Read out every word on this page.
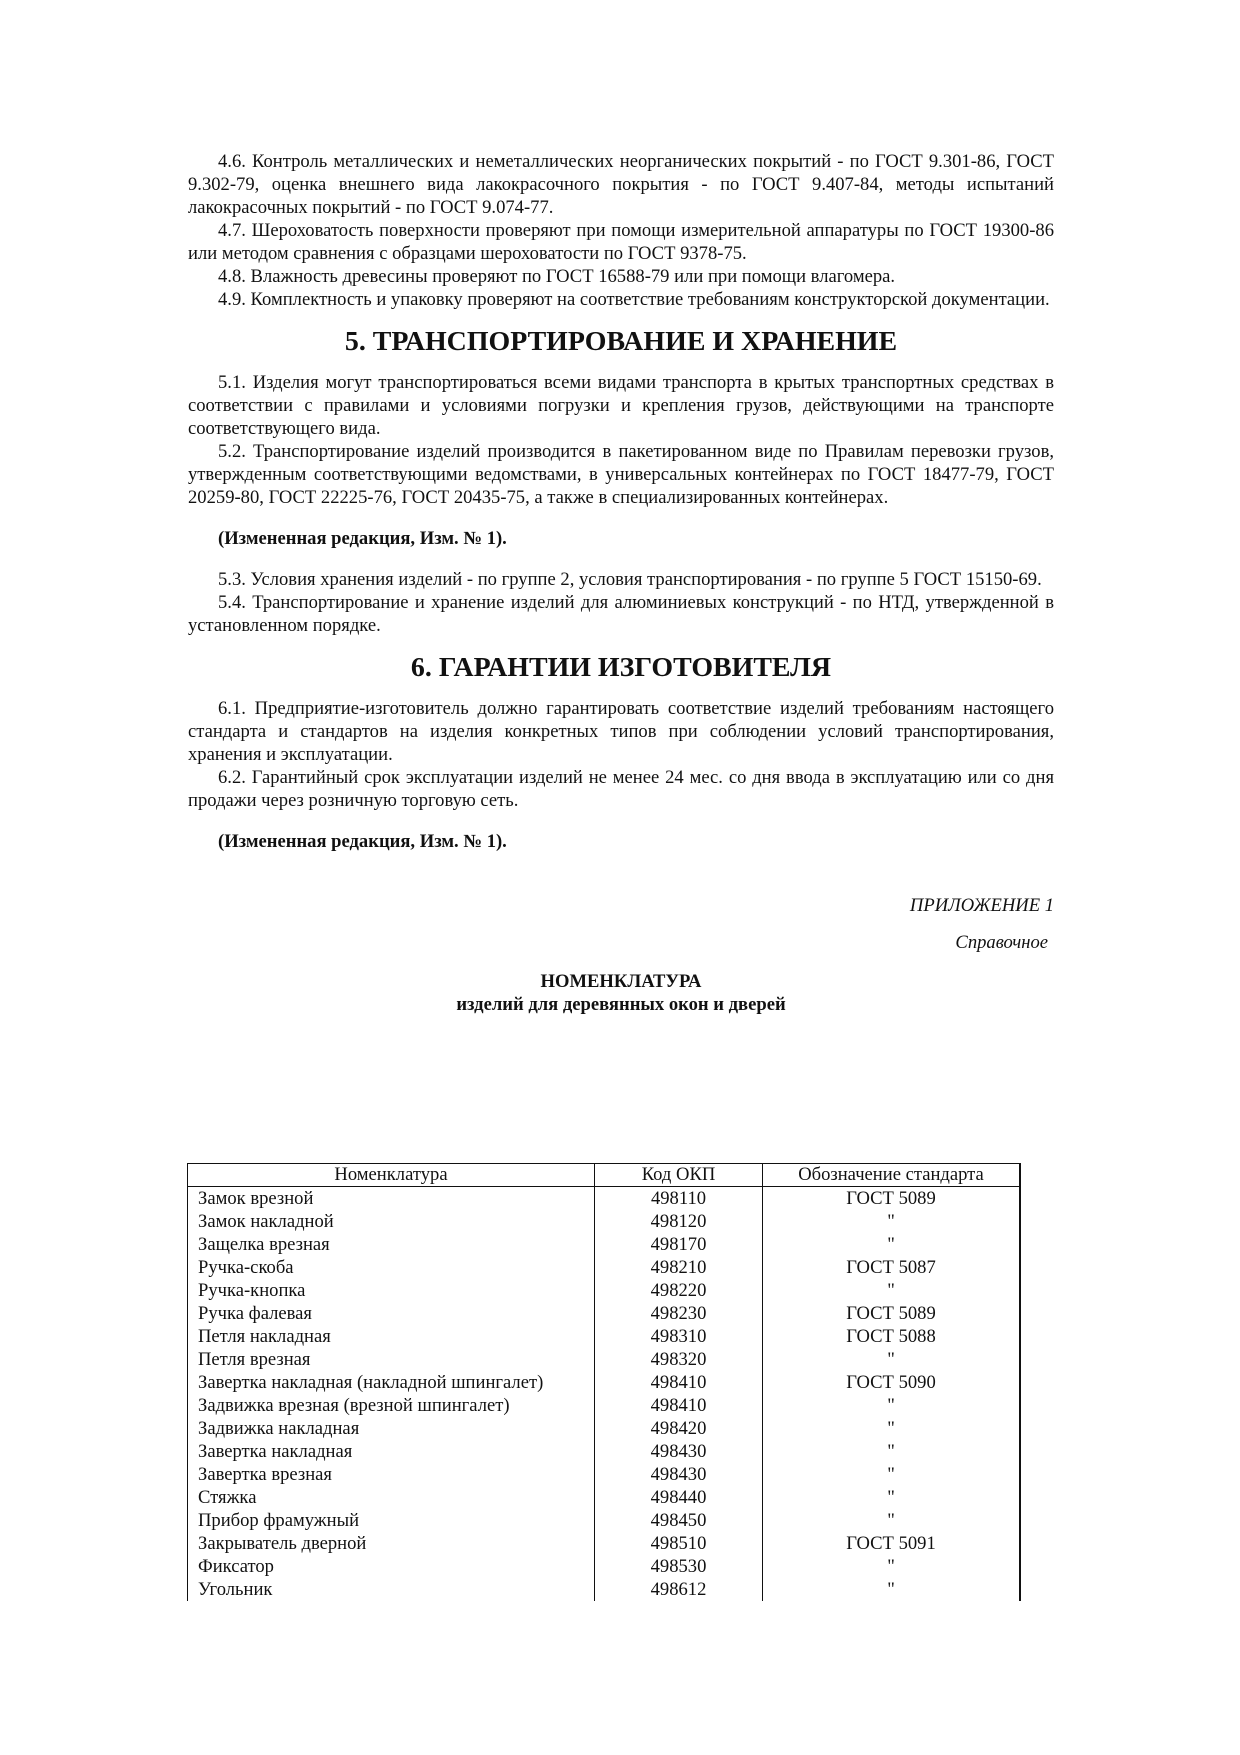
4.6. Контроль металлических и неметаллических неорганических покрытий - по ГОСТ 9.301-86, ГОСТ 9.302-79, оценка внешнего вида лакокрасочного покрытия - по ГОСТ 9.407-84, методы испытаний лакокрасочных покрытий - по ГОСТ 9.074-77.

4.7. Шероховатость поверхности проверяют при помощи измерительной аппаратуры по ГОСТ 19300-86 или методом сравнения с образцами шероховатости по ГОСТ 9378-75.

4.8. Влажность древесины проверяют по ГОСТ 16588-79 или при помощи влагомера.

4.9. Комплектность и упаковку проверяют на соответствие требованиям конструкторской документации.

5. ТРАНСПОРТИРОВАНИЕ И ХРАНЕНИЕ

5.1. Изделия могут транспортироваться всеми видами транспорта в крытых транспортных средствах в соответствии с правилами и условиями погрузки и крепления грузов, действующими на транспорте соответствующего вида.

5.2. Транспортирование изделий производится в пакетированном виде по Правилам перевозки грузов, утвержденным соответствующими ведомствами, в универсальных контейнерах по ГОСТ 18477-79, ГОСТ 20259-80, ГОСТ 22225-76, ГОСТ 20435-75, а также в специализированных контейнерах.

(Измененная редакция, Изм. № 1).

5.3. Условия хранения изделий - по группе 2, условия транспортирования - по группе 5 ГОСТ 15150-69.

5.4. Транспортирование и хранение изделий для алюминиевых конструкций - по НТД, утвержденной в установленном порядке.

6. ГАРАНТИИ ИЗГОТОВИТЕЛЯ

6.1. Предприятие-изготовитель должно гарантировать соответствие изделий требованиям настоящего стандарта и стандартов на изделия конкретных типов при соблюдении условий транспортирования, хранения и эксплуатации.

6.2. Гарантийный срок эксплуатации изделий не менее 24 мес. со дня ввода в эксплуатацию или со дня продажи через розничную торговую сеть.

(Измененная редакция, Изм. № 1).

ПРИЛОЖЕНИЕ 1

Справочное

НОМЕНКЛАТУРА

изделий для деревянных окон и дверей

Номенклатура	Код ОКП	Обозначение стандарта
Замок врезной	498110	ГОСТ 5089
Замок накладной	498120	"
Защелка врезная	498170	"
Ручка-скоба	498210	ГОСТ 5087
Ручка-кнопка	498220	"
Ручка фалевая	498230	ГОСТ 5089
Петля накладная	498310	ГОСТ 5088
Петля врезная	498320	"
Завертка накладная (накладной шпингалет)	498410	ГОСТ 5090
Задвижка врезная (врезной шпингалет)	498410	"
Задвижка накладная	498420	"
Завертка накладная	498430	"
Завертка врезная	498430	"
Стяжка	498440	"
Прибор фрамужный	498450	"
Закрыватель дверной	498510	ГОСТ 5091
Фиксатор	498530	"
Угольник	498612	"
